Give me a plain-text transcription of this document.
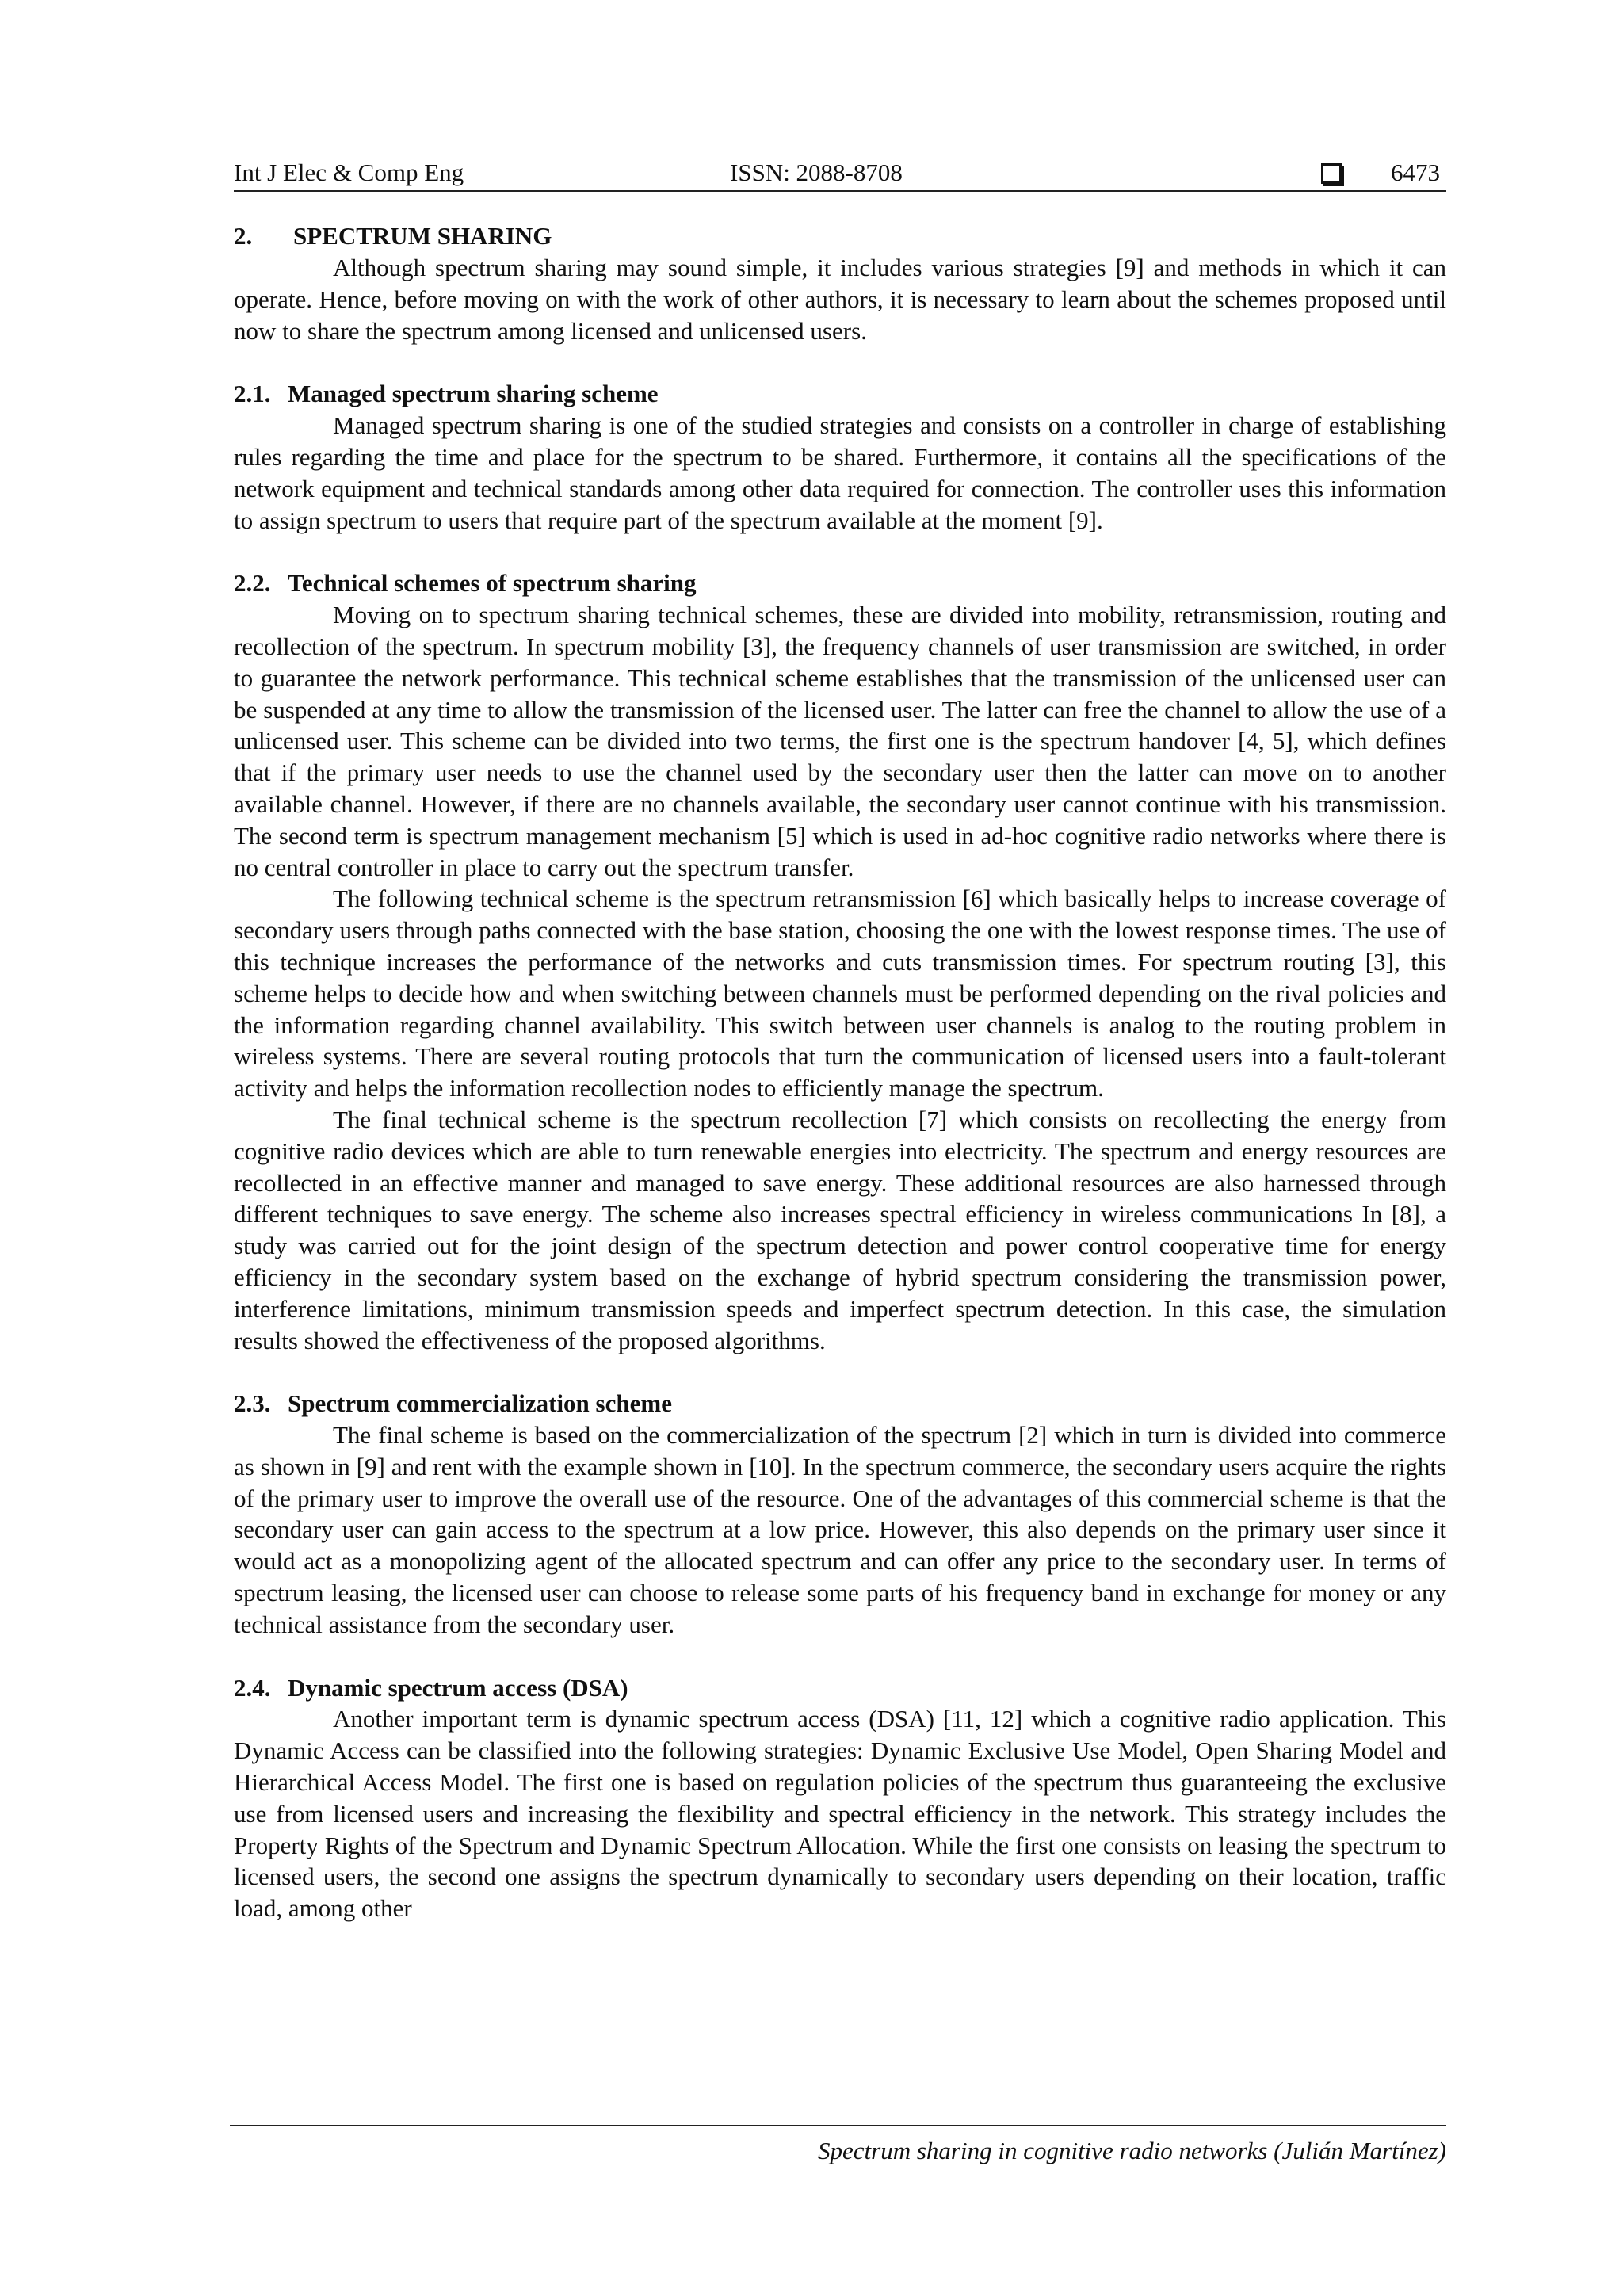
Int J Elec & Comp Eng	ISSN: 2088-8708	6473
2. SPECTRUM SHARING

Although spectrum sharing may sound simple, it includes various strategies [9] and methods in which it can operate. Hence, before moving on with the work of other authors, it is necessary to learn about the schemes proposed until now to share the spectrum among licensed and unlicensed users.

2.1. Managed spectrum sharing scheme

Managed spectrum sharing is one of the studied strategies and consists on a controller in charge of establishing rules regarding the time and place for the spectrum to be shared. Furthermore, it contains all the specifications of the network equipment and technical standards among other data required for connection. The controller uses this information to assign spectrum to users that require part of the spectrum available at the moment [9].

2.2. Technical schemes of spectrum sharing

Moving on to spectrum sharing technical schemes, these are divided into mobility, retransmission, routing and recollection of the spectrum. In spectrum mobility [3], the frequency channels of user transmission are switched, in order to guarantee the network performance. This technical scheme establishes that the transmission of the unlicensed user can be suspended at any time to allow the transmission of the licensed user. The latter can free the channel to allow the use of a unlicensed user. This scheme can be divided into two terms, the first one is the spectrum handover [4, 5], which defines that if the primary user needs to use the channel used by the secondary user then the latter can move on to another available channel. However, if there are no channels available, the secondary user cannot continue with his transmission. The second term is spectrum management mechanism [5] which is used in ad-hoc cognitive radio networks where there is no central controller in place to carry out the spectrum transfer.

The following technical scheme is the spectrum retransmission [6] which basically helps to increase coverage of secondary users through paths connected with the base station, choosing the one with the lowest response times. The use of this technique increases the performance of the networks and cuts transmission times. For spectrum routing [3], this scheme helps to decide how and when switching between channels must be performed depending on the rival policies and the information regarding channel availability. This switch between user channels is analog to the routing problem in wireless systems. There are several routing protocols that turn the communication of licensed users into a fault-tolerant activity and helps the information recollection nodes to efficiently manage the spectrum.

The final technical scheme is the spectrum recollection [7] which consists on recollecting the energy from cognitive radio devices which are able to turn renewable energies into electricity. The spectrum and energy resources are recollected in an effective manner and managed to save energy. These additional resources are also harnessed through different techniques to save energy. The scheme also increases spectral efficiency in wireless communications In [8], a study was carried out for the joint design of the spectrum detection and power control cooperative time for energy efficiency in the secondary system based on the exchange of hybrid spectrum considering the transmission power, interference limitations, minimum transmission speeds and imperfect spectrum detection. In this case, the simulation results showed the effectiveness of the proposed algorithms.

2.3. Spectrum commercialization scheme

The final scheme is based on the commercialization of the spectrum [2] which in turn is divided into commerce as shown in [9] and rent with the example shown in [10]. In the spectrum commerce, the secondary users acquire the rights of the primary user to improve the overall use of the resource. One of the advantages of this commercial scheme is that the secondary user can gain access to the spectrum at a low price. However, this also depends on the primary user since it would act as a monopolizing agent of the allocated spectrum and can offer any price to the secondary user. In terms of spectrum leasing, the licensed user can choose to release some parts of his frequency band in exchange for money or any technical assistance from the secondary user.

2.4. Dynamic spectrum access (DSA)

Another important term is dynamic spectrum access (DSA) [11, 12] which a cognitive radio application. This Dynamic Access can be classified into the following strategies: Dynamic Exclusive Use Model, Open Sharing Model and Hierarchical Access Model. The first one is based on regulation policies of the spectrum thus guaranteeing the exclusive use from licensed users and increasing the flexibility and spectral efficiency in the network. This strategy includes the Property Rights of the Spectrum and Dynamic Spectrum Allocation. While the first one consists on leasing the spectrum to licensed users, the second one assigns the spectrum dynamically to secondary users depending on their location, traffic load, among other

Spectrum sharing in cognitive radio networks (Julián Martínez)
